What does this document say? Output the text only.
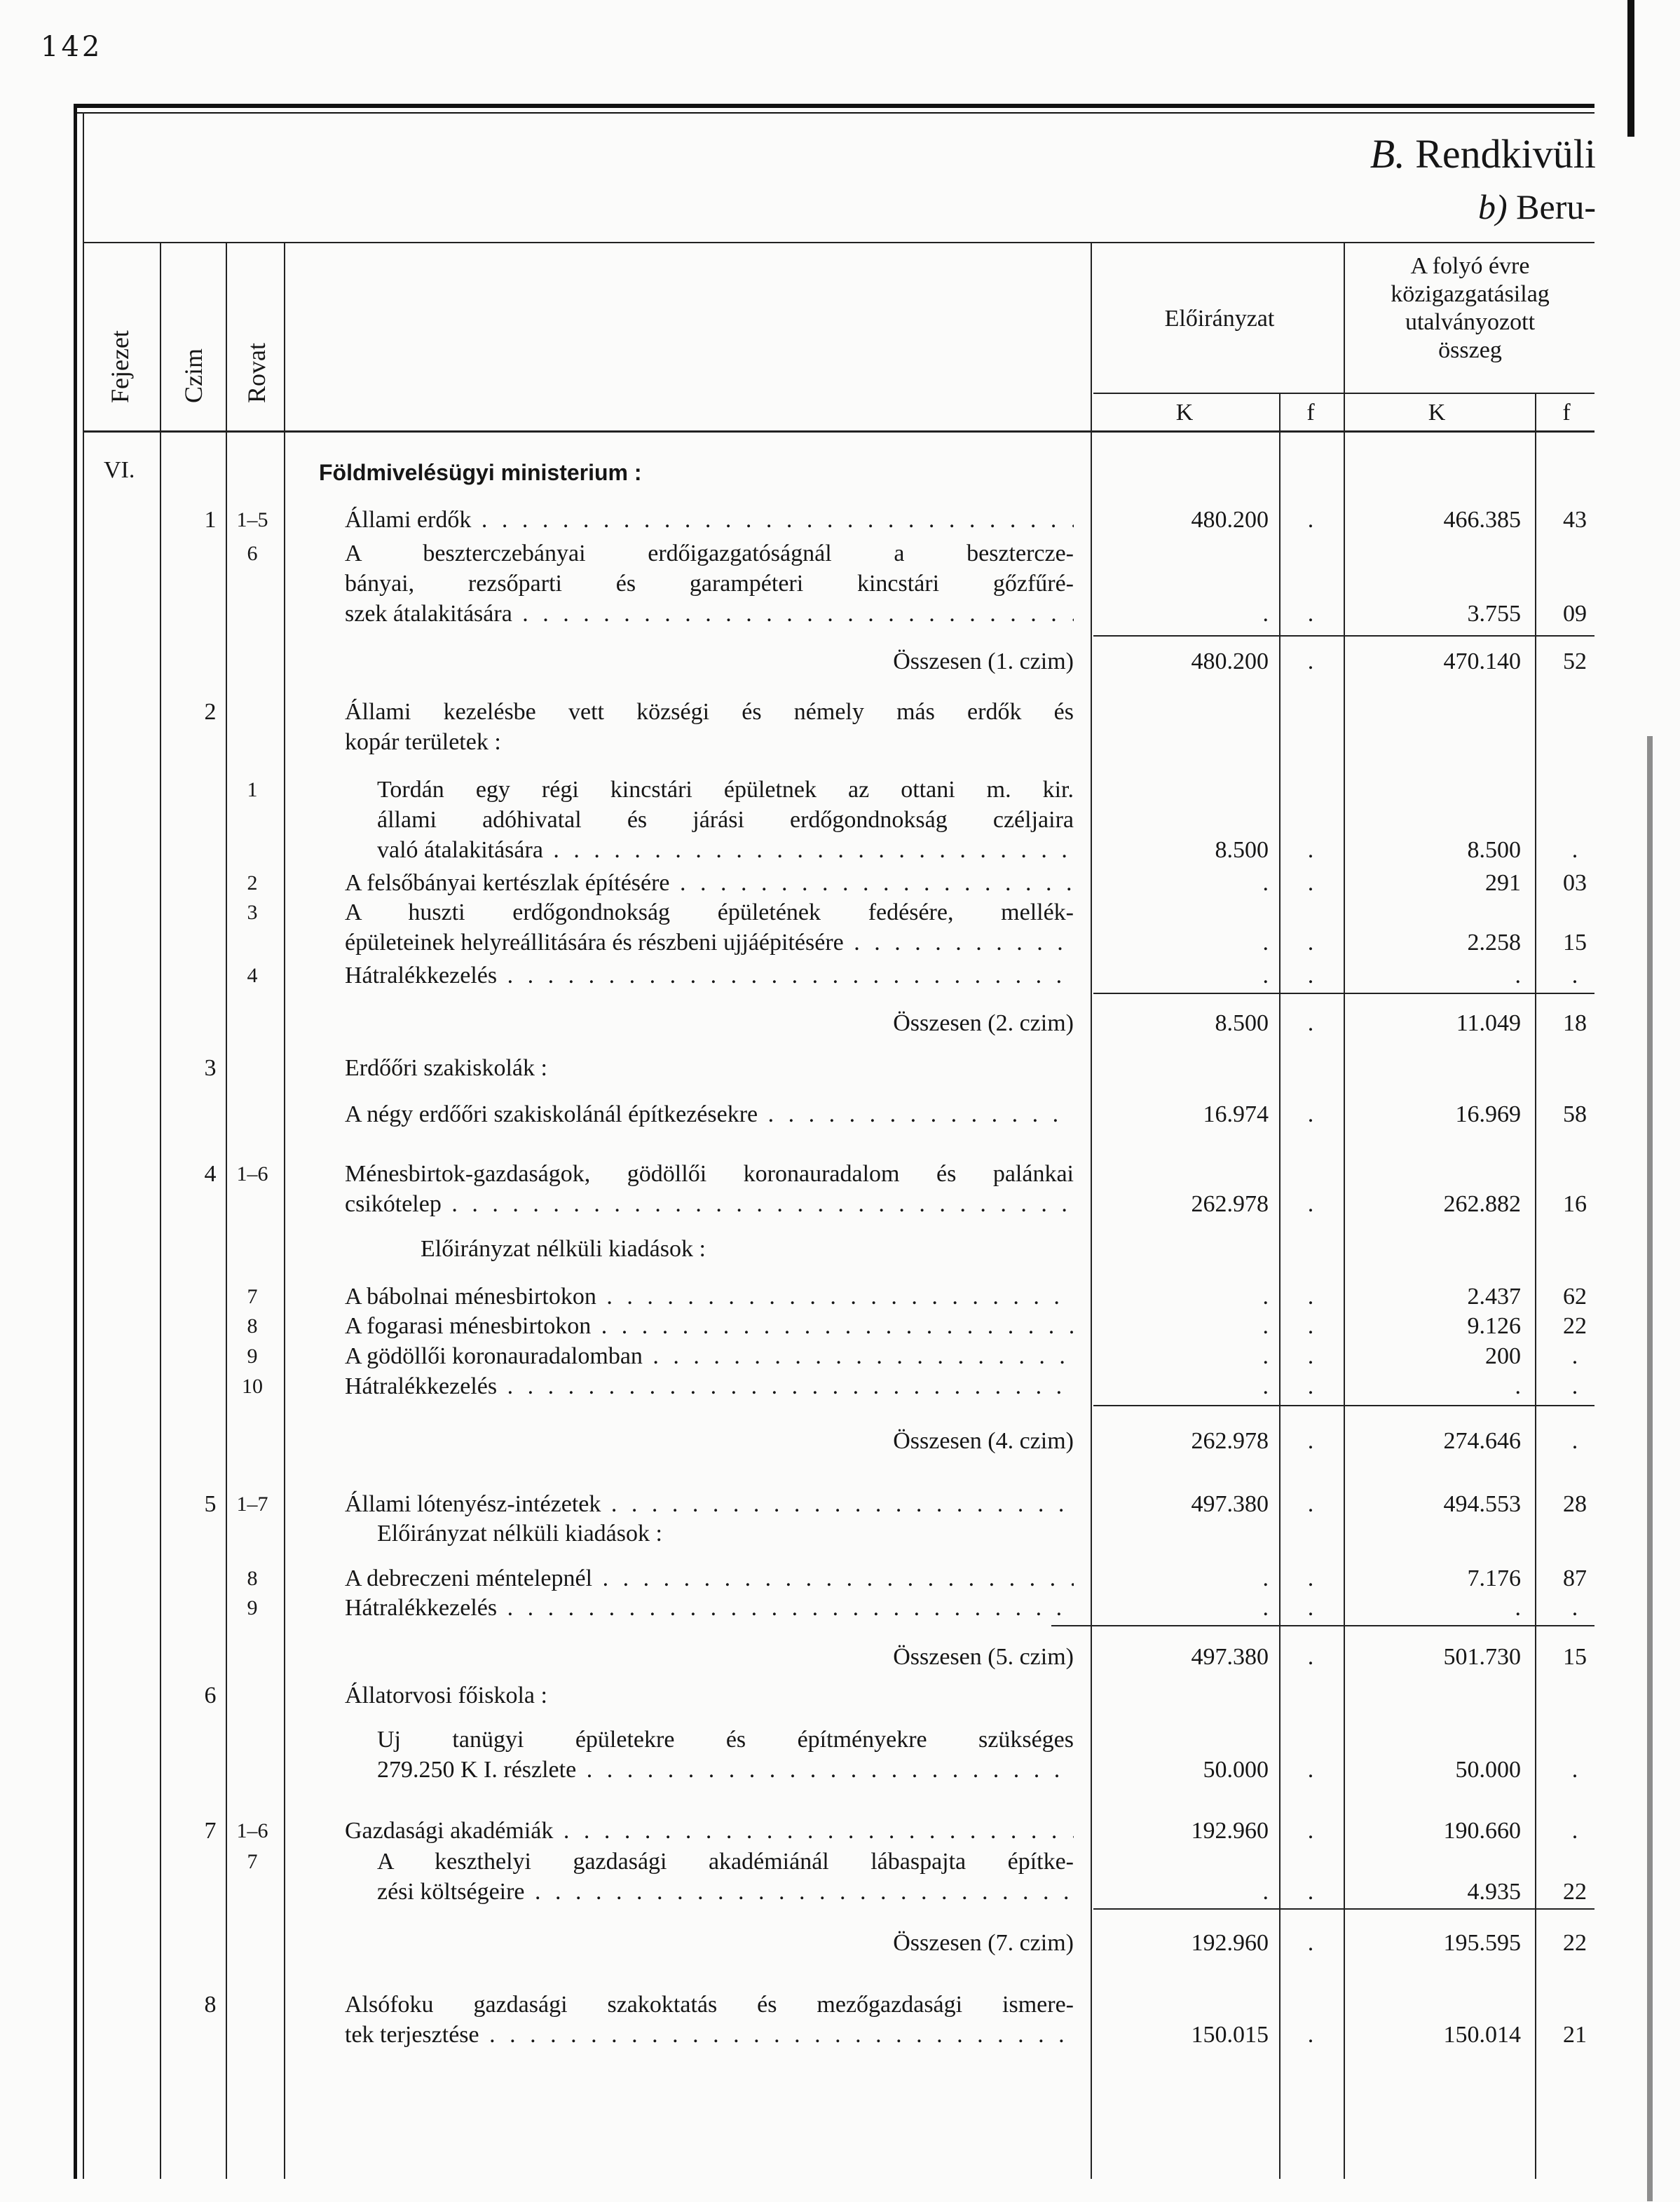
142
B. Rendkivüli
b) Beru-
Fejezet Czim Rovat
Előirányzat
A folyó évre
közigazgatásilag
utalványozott
összeg
K	f	K	f
VI.	Földmivelésügyi ministerium :
1 1–5	Állami erdők . . .	480.200	.	466.385	43
6	A beszterczebányai erdőigazgatóságnál a besztercze-
bányai, rezsőparti és garampéteri kincstári gőzfűré-
szek átalakitására . . .	.	.	3.755	09
Összesen (1. czim)	480.200	.	470.140	52
2	Állami kezelésbe vett községi és némely más erdők és
kopár területek :
1	Tordán egy régi kincstári épületnek az ottani m. kir.
állami adóhivatal és járási erdőgondnokság czéljaira
való átalakitására . . .	8.500	.	8.500	.
2	A felsőbányai kertészlak építésére . . .	.	.	291	03
3	A huszti erdőgondnokság épületének fedésére, mellék-
épületeinek helyreállitására és részbeni ujjáépitésére . . .	.	.	2.258	15
4	Hátralékkezelés . . .	.	.	.	.
Összesen (2. czim)	8.500	.	11.049	18
3	Erdőőri szakiskolák :
A négy erdőőri szakiskolánál építkezésekre . . .	16.974	.	16.969	58
4 1–6	Ménesbirtok-gazdaságok, gödöllői koronauradalom és palánkai
csikótelep . . .	262.978	.	262.882	16
Előirányzat nélküli kiadások :
7	A bábolnai ménesbirtokon . . .	.	.	2.437	62
8	A fogarasi ménesbirtokon . . .	.	.	9.126	22
9	A gödöllői koronauradalomban . . .	.	.	200	.
10	Hátralékkezelés . . .	.	.	.	.
Összesen (4. czim)	262.978	.	274.646	.
5 1–7	Állami lótenyész-intézetek . . .	497.380	.	494.553	28
Előirányzat nélküli kiadások :
8	A debreczeni méntelepnél . . .	.	.	7.176	87
9	Hátralékkezelés . . .	.	.	.	.
Összesen (5. czim)	497.380	.	501.730	15
6	Állatorvosi főiskola :
Uj tanügyi épületekre és építményekre szükséges
279.250 K I. részlete . . .	50.000	.	50.000	.
7 1–6	Gazdasági akadémiák . . .	192.960	.	190.660	.
7	A keszthelyi gazdasági akadémiánál lábaspajta építke-
zési költségeire . . .	.	.	4.935	22
Összesen (7. czim)	192.960	.	195.595	22
8	Alsófoku gazdasági szakoktatás és mezőgazdasági ismere-
tek terjesztése . . .	150.015	.	150.014	21
